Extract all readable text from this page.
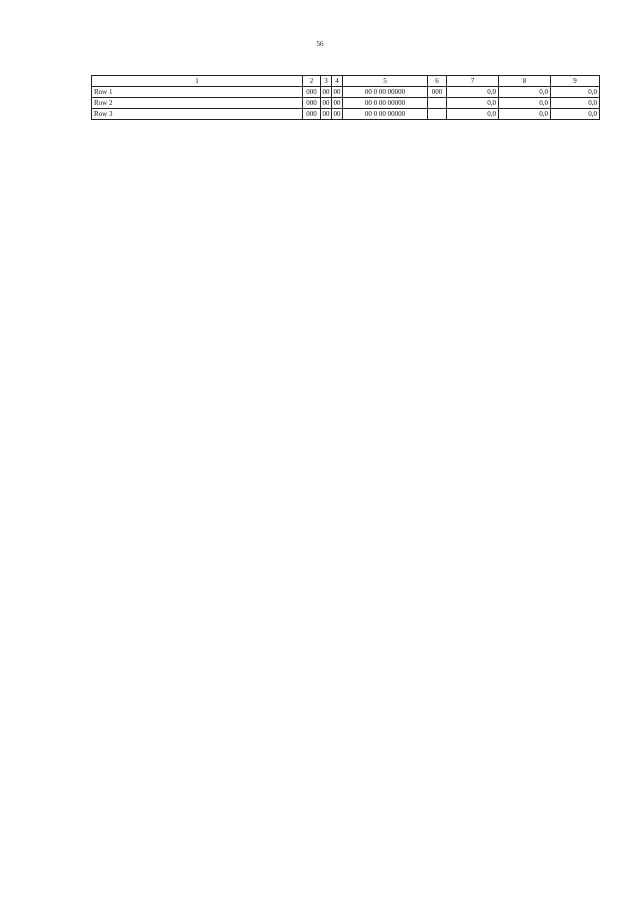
56
1	2	3	4	5	6	7	8	9
Row 1	000	00	00	00 0 00 00000	000	0,0	0,0	0,0
Row 2	000	00	00	00 0 00 00000		0,0	0,0	0,0
Row 3	000	00	00	00 0 00 00000		0,0	0,0	0,0
